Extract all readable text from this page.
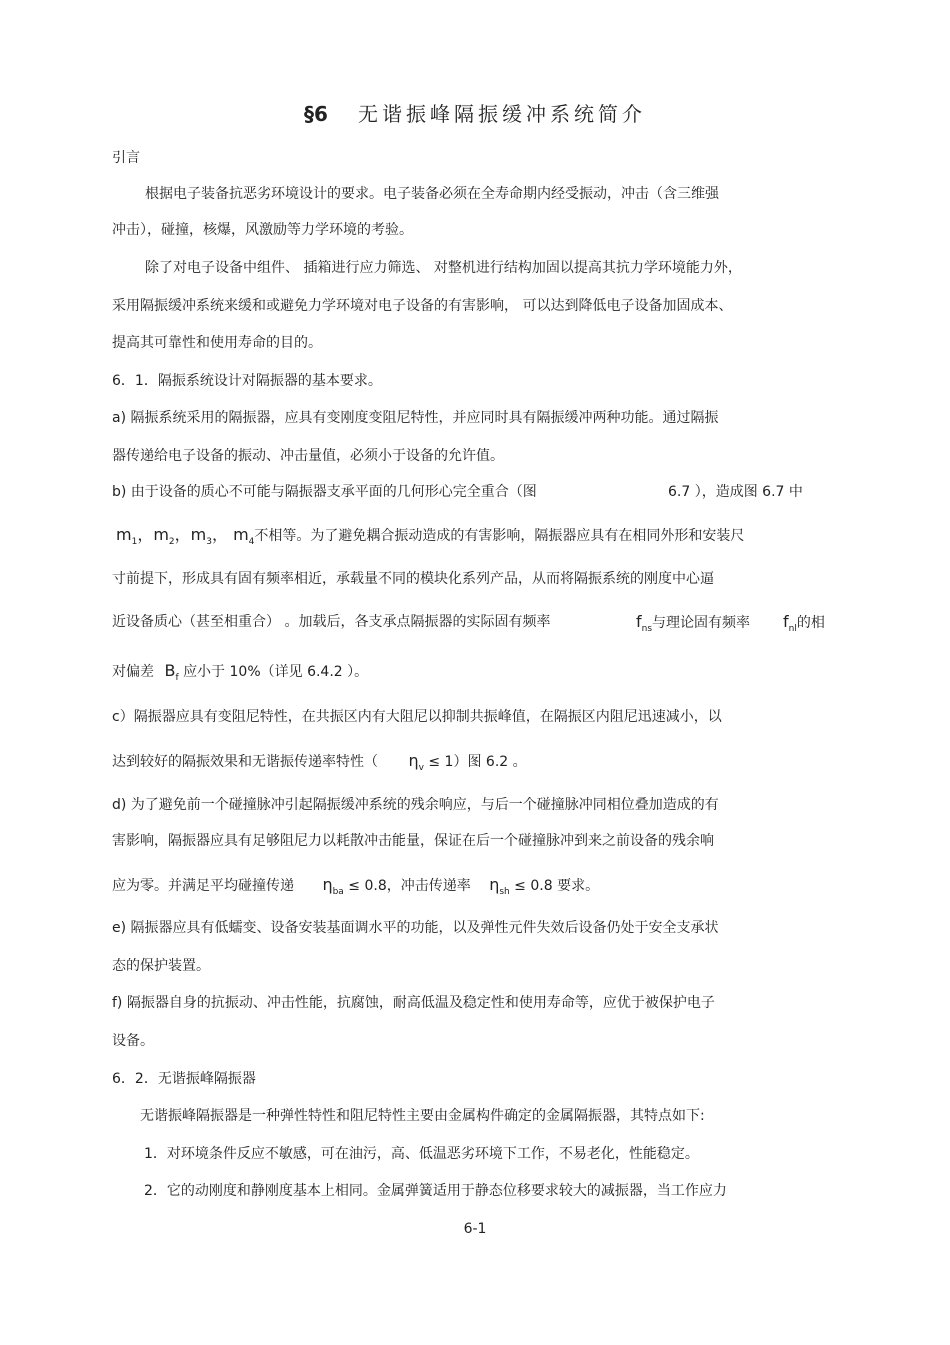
§6 无谐振峰隔振缓冲系统简介
引言
根据电子装备抗恶劣环境设计的要求。电子装备必须在全寿命期内经受振动，冲击（含三维强
冲击），碰撞，核爆，风激励等力学环境的考验。
除了对电子设备中组件、 插箱进行应力筛选、 对整机进行结构加固以提高其抗力学环境能力外，
采用隔振缓冲系统来缓和或避免力学环境对电子设备的有害影响， 可以达到降低电子设备加固成本、
提高其可靠性和使用寿命的目的。
6．1．隔振系统设计对隔振器的基本要求。
a) 隔振系统采用的隔振器，应具有变刚度变阻尼特性，并应同时具有隔振缓冲两种功能。通过隔振
器传递给电子设备的振动、冲击量值，必须小于设备的允许值。
b) 由于设备的质心不可能与隔振器支承平面的几何形心完全重合（图	6.7 ），造成图 6.7 中
$m_1$，$m_2$，$m_3$， $m_4$不相等。为了避免耦合振动造成的有害影响，隔振器应具有在相同外形和安装尺
寸前提下，形成具有固有频率相近，承载量不同的模块化系列产品，从而将隔振系统的刚度中心逼
近设备质心（甚至相重合） 。加载后，各支承点隔振器的实际固有频率	$f_{ns}$与理论固有频率 $f_{nl}$的相
对偏差 $B_f$ 应小于 10%（详见 6.4.2 ）。
c）隔振器应具有变阻尼特性，在共振区内有大阻尼以抑制共振峰值，在隔振区内阻尼迅速减小，以
达到较好的隔振效果和无谐振传递率特性（ $\eta_v \le 1$）图 6.2 。
d) 为了避免前一个碰撞脉冲引起隔振缓冲系统的残余响应，与后一个碰撞脉冲同相位叠加造成的有
害影响，隔振器应具有足够阻尼力以耗散冲击能量，保证在后一个碰撞脉冲到来之前设备的残余响
应为零。并满足平均碰撞传递 $\eta_{ba} \le 0.8$，冲击传递率 $\eta_{sh} \le 0.8$ 要求。
e) 隔振器应具有低蠕变、设备安装基面调水平的功能，以及弹性元件失效后设备仍处于安全支承状
态的保护装置。
f) 隔振器自身的抗振动、冲击性能，抗腐蚀，耐高低温及稳定性和使用寿命等，应优于被保护电子
设备。
6．2．无谐振峰隔振器
无谐振峰隔振器是一种弹性特性和阻尼特性主要由金属构件确定的金属隔振器，其特点如下:
1．对环境条件反应不敏感，可在油污，高、低温恶劣环境下工作，不易老化，性能稳定。
2．它的动刚度和静刚度基本上相同。金属弹簧适用于静态位移要求较大的减振器，当工作应力
6-1
